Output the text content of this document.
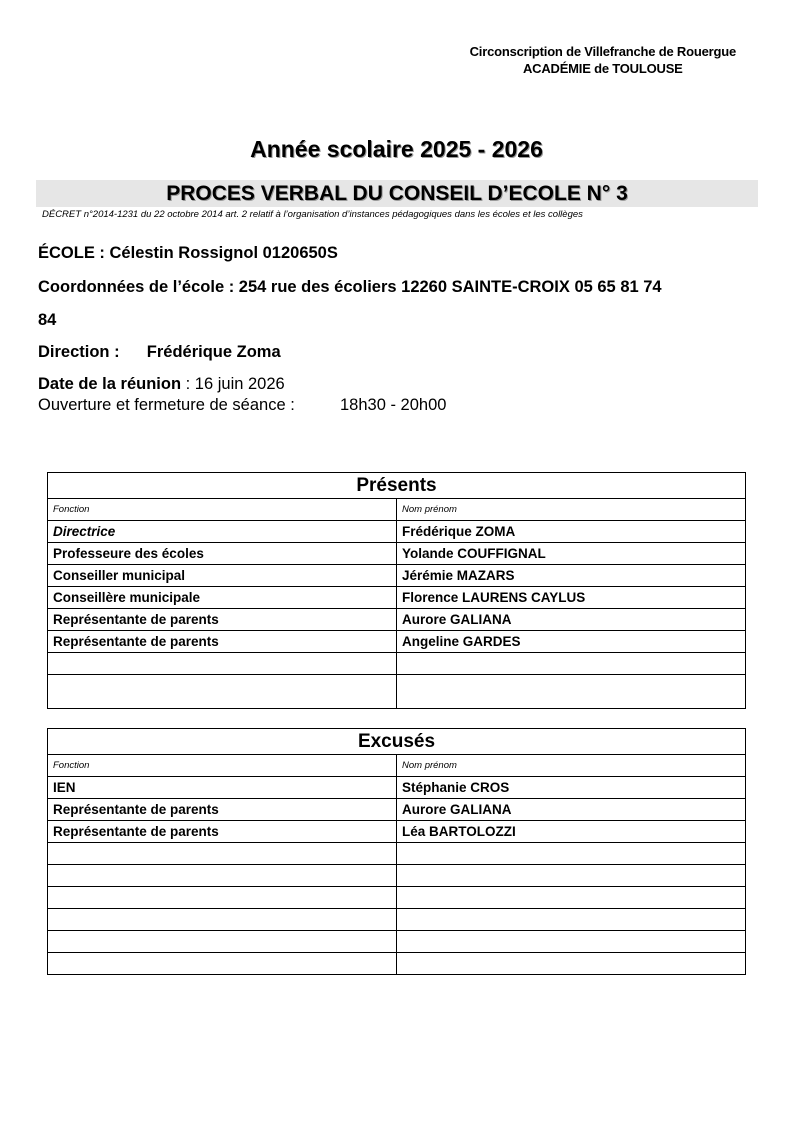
Circonscription de Villefranche de Rouergue
ACADÉMIE de TOULOUSE
Année scolaire 2025 - 2026
PROCES VERBAL DU CONSEIL D’ECOLE N° 3
DÉCRET n°2014-1231 du 22 octobre 2014 art. 2 relatif à l’organisation d’instances pédagogiques dans les écoles et les collèges
ÉCOLE : Célestin Rossignol 0120650S
Coordonnées de l’école : 254 rue des écoliers 12260 SAINTE-CROIX 05 65 81 74
84
Direction : Frédérique Zoma
Date de la réunion : 16 juin 2026
Ouverture et fermeture de séance :	18h30 - 20h00
Présents	
Fonction	Nom prénom
Directrice	Frédérique ZOMA
Professeure des écoles	Yolande COUFFIGNAL
Conseiller municipal	Jérémie MAZARS
Conseillère municipale	Florence LAURENS CAYLUS
Représentante de parents	Aurore GALIANA
Représentante de parents	Angeline GARDES

Excusés	
Fonction	Nom prénom
IEN	Stéphanie CROS
Représentante de parents	Aurore GALIANA
Représentante de parents	Léa BARTOLOZZI
